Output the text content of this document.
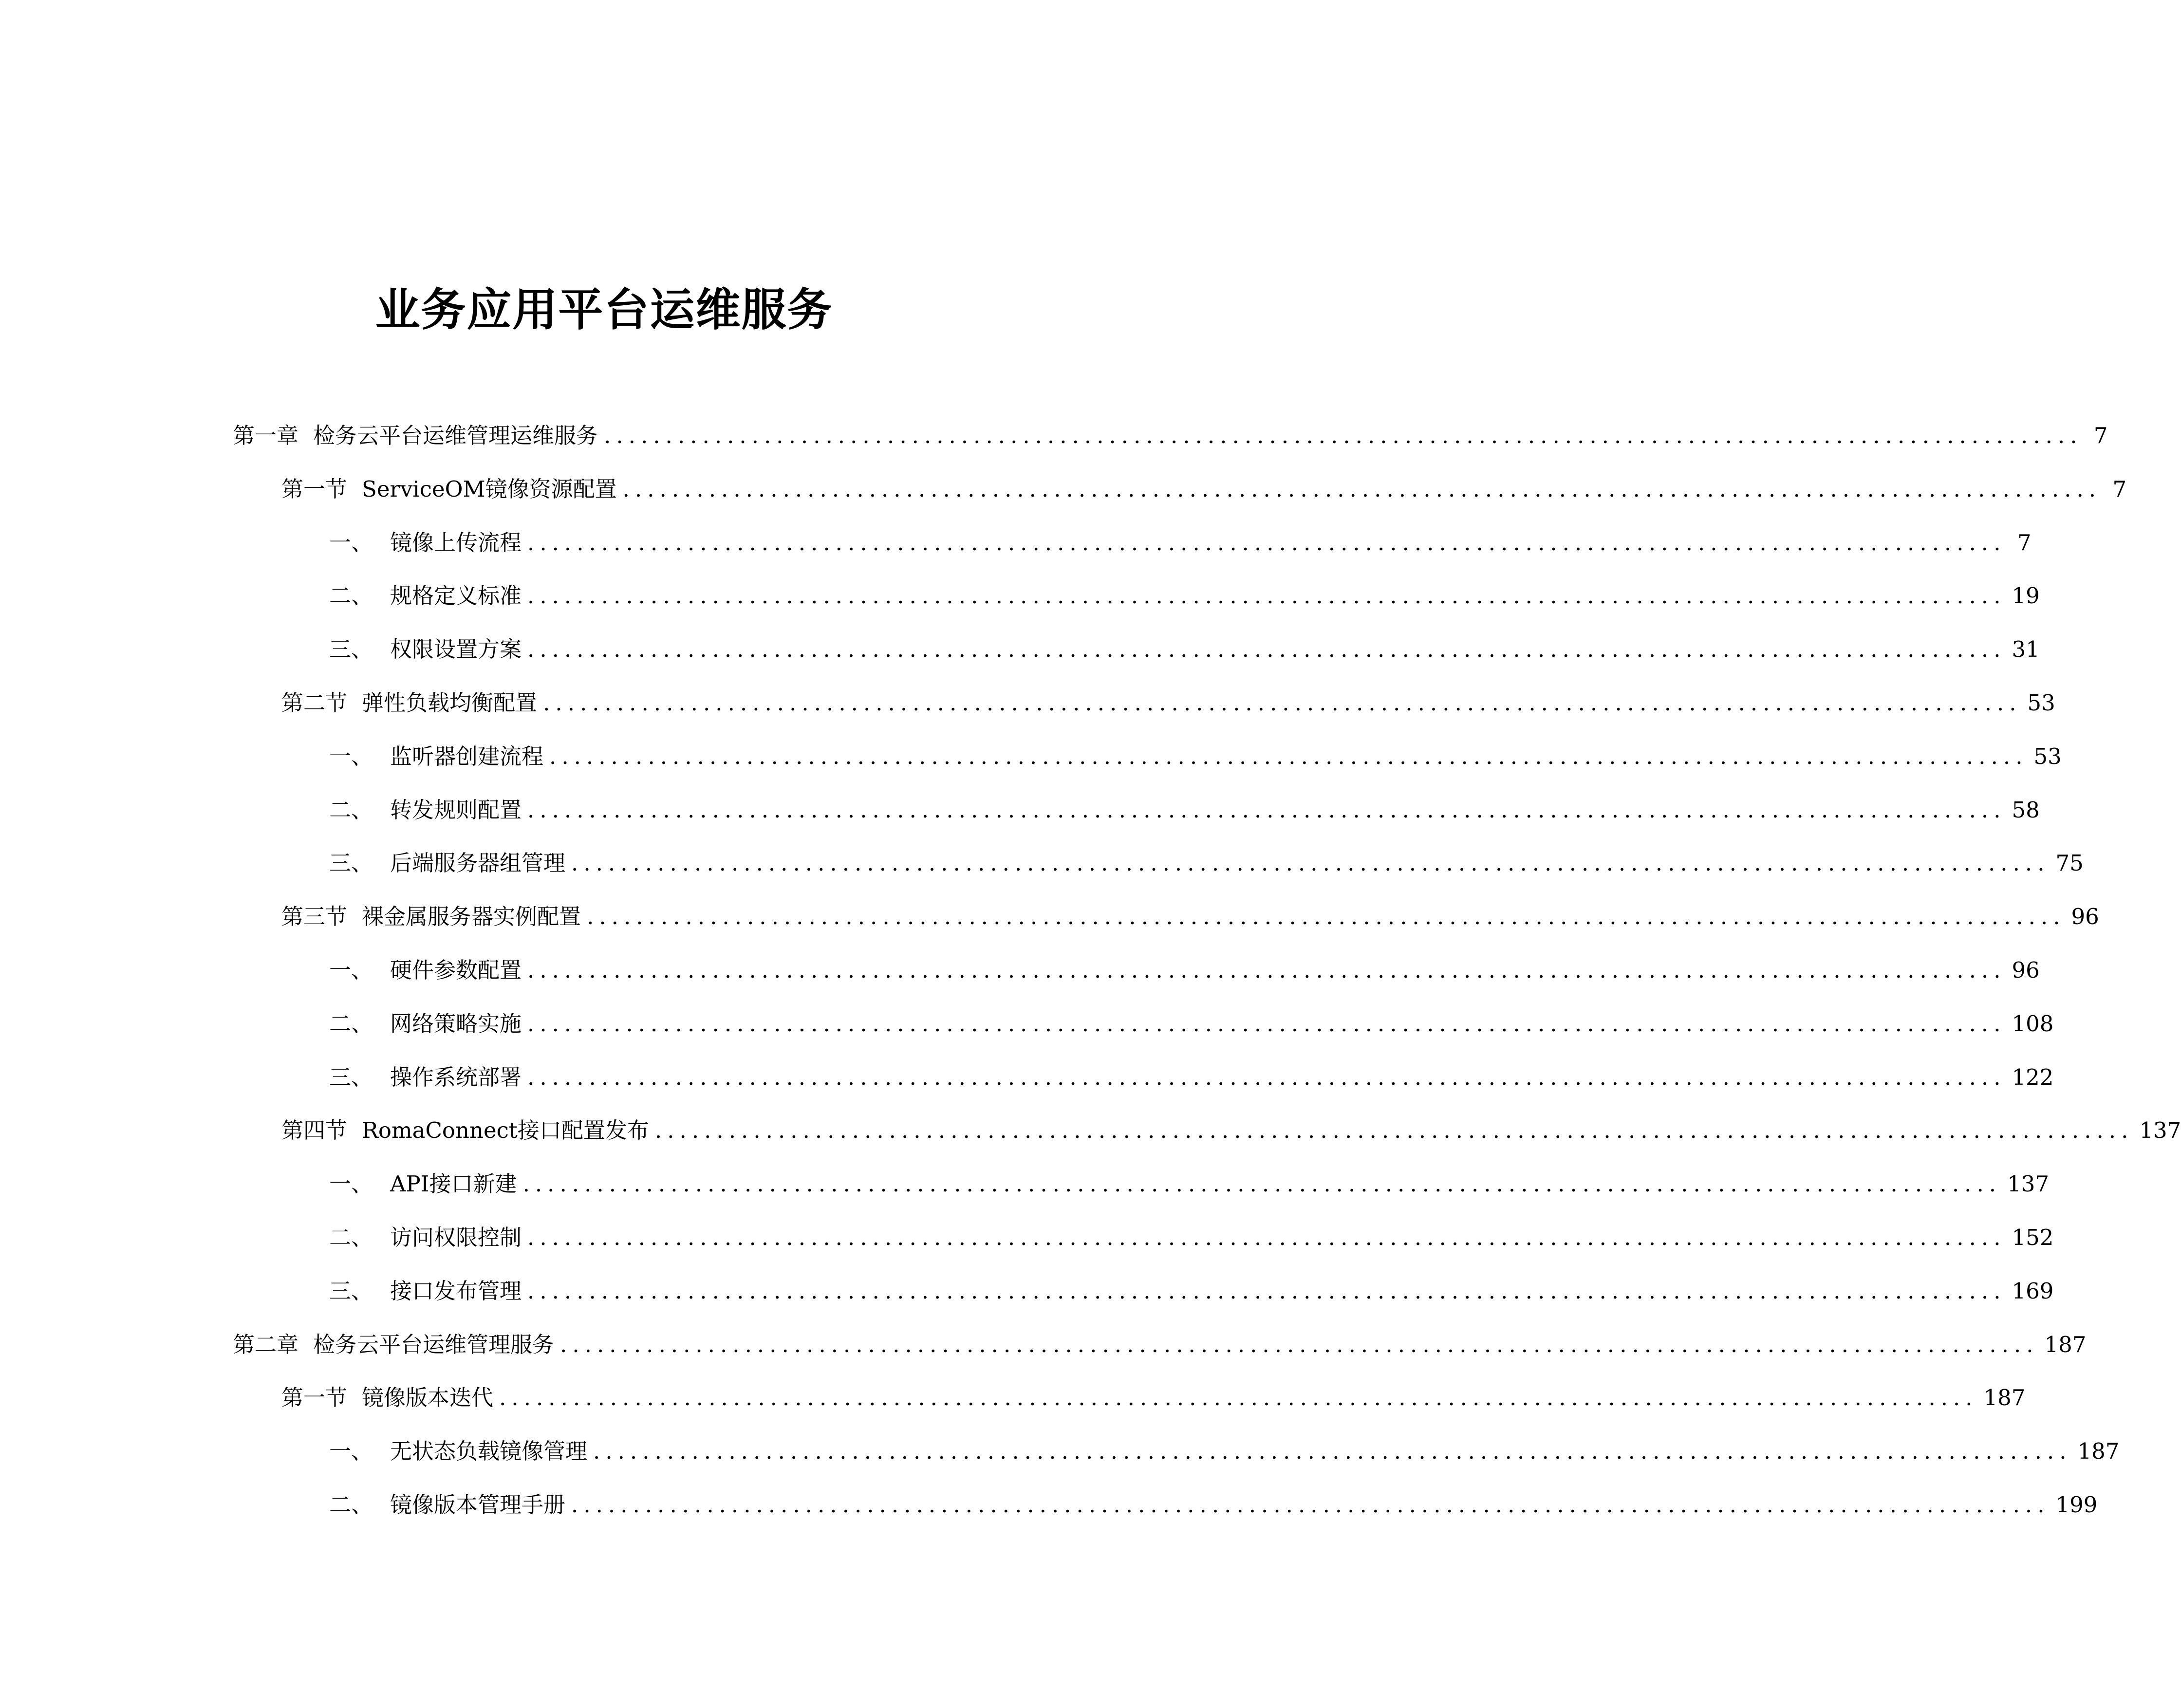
业务应用平台运维服务
第一章 检务云平台运维管理运维服务 ........................................................................................................................ 7
第一节 ServiceOM镜像资源配置 ........................................................................................................................ 7
一、 镜像上传流程 ........................................................................................................................ 7
二、 规格定义标准 ........................................................................................................................ 19
三、 权限设置方案 ........................................................................................................................ 31
第二节 弹性负载均衡配置 ........................................................................................................................ 53
一、 监听器创建流程 ........................................................................................................................ 53
二、 转发规则配置 ........................................................................................................................ 58
三、 后端服务器组管理 ........................................................................................................................ 75
第三节 裸金属服务器实例配置 ........................................................................................................................ 96
一、 硬件参数配置 ........................................................................................................................ 96
二、 网络策略实施 ........................................................................................................................ 108
三、 操作系统部署 ........................................................................................................................ 122
第四节 RomaConnect接口配置发布 ........................................................................................................................ 137
一、 API接口新建 ........................................................................................................................ 137
二、 访问权限控制 ........................................................................................................................ 152
三、 接口发布管理 ........................................................................................................................ 169
第二章 检务云平台运维管理服务 ........................................................................................................................ 187
第一节 镜像版本迭代 ........................................................................................................................ 187
一、 无状态负载镜像管理 ........................................................................................................................ 187
二、 镜像版本管理手册 ........................................................................................................................ 199
